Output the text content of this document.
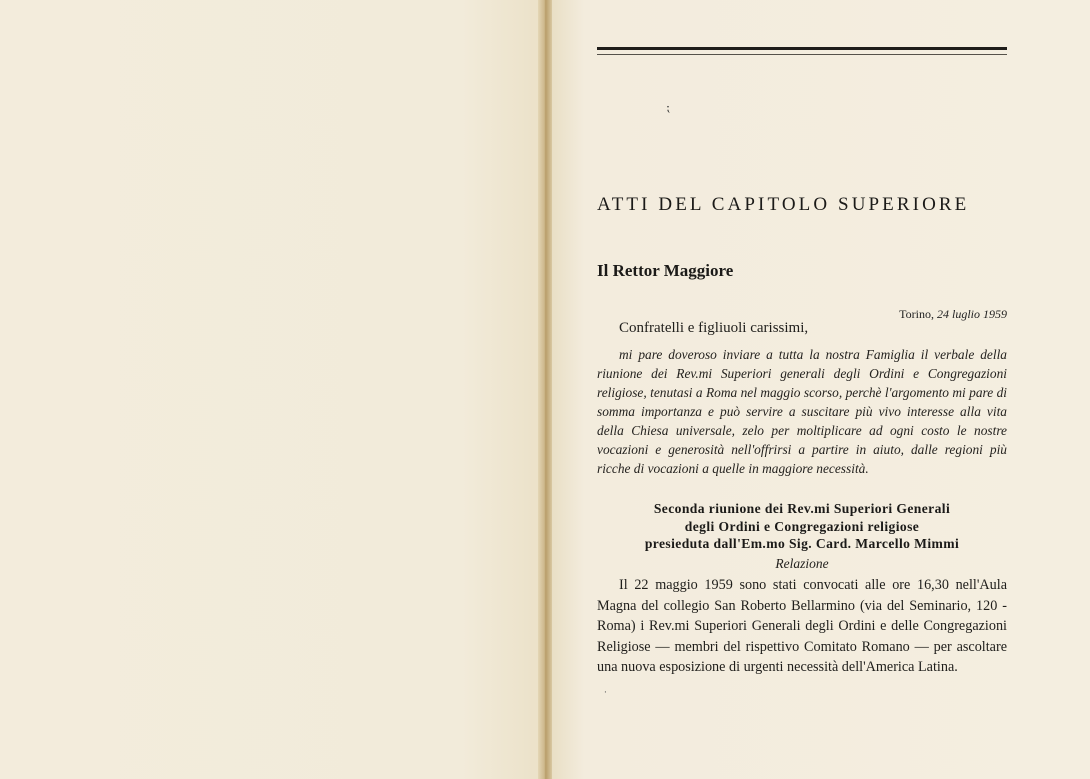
⁏
·
ATTI DEL CAPITOLO SUPERIORE
Il Rettor Maggiore
Torino, 24 luglio 1959
Confratelli e figliuoli carissimi,

mi pare doveroso inviare a tutta la nostra Famiglia il verbale della riunione dei Rev.mi Superiori generali degli Ordini e Congregazioni religiose, tenutasi a Roma nel maggio scorso, perchè l'argomento mi pare di somma importanza e può servire a suscitare più vivo interesse alla vita della Chiesa universale, zelo per moltiplicare ad ogni costo le nostre vocazioni e generosità nell'offrirsi a partire in aiuto, dalle regioni più ricche di vocazioni a quelle in maggiore necessità.

Seconda riunione dei Rev.mi Superiori Generali
degli Ordini e Congregazioni religiose
presieduta dall'Em.mo Sig. Card. Marcello Mimmi
Relazione

Il 22 maggio 1959 sono stati convocati alle ore 16,30 nell'Aula Magna del collegio San Roberto Bellarmino (via del Seminario, 120 - Roma) i Rev.mi Superiori Generali degli Ordini e delle Congregazioni Religiose — membri del rispettivo Comitato Romano — per ascoltare una nuova esposizione di urgenti necessità dell'America Latina.
